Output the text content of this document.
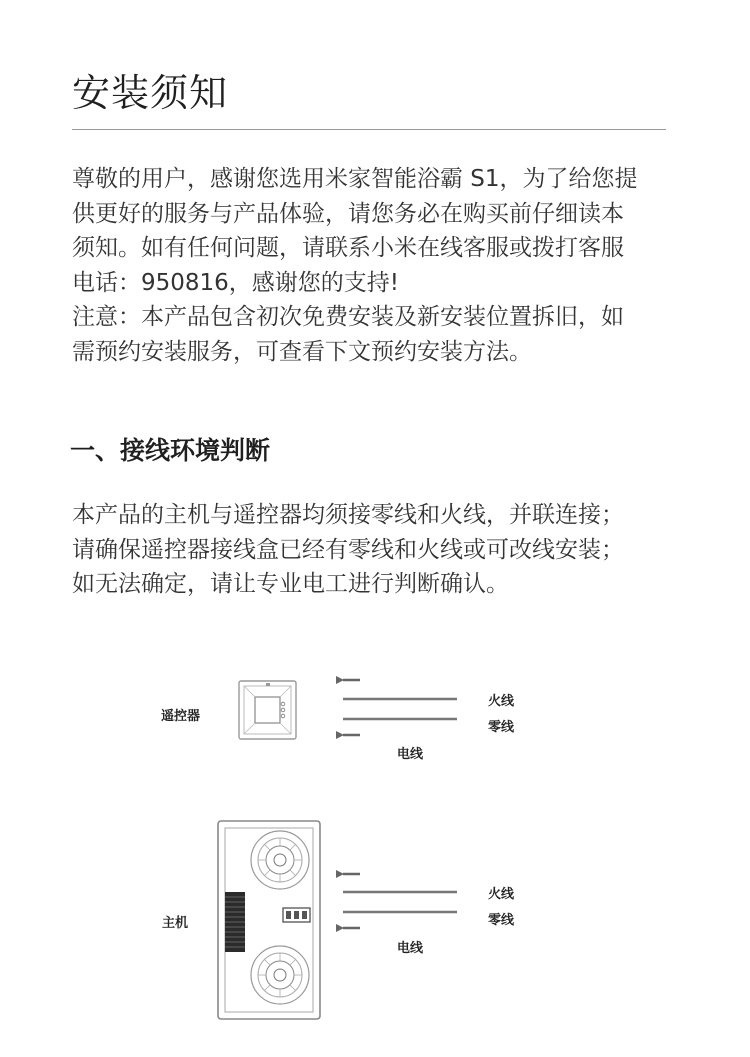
安装须知

尊敬的用户，感谢您选用米家智能浴霸 S1，为了给您提

供更好的服务与产品体验，请您务必在购买前仔细读本

须知。如有任何问题，请联系小米在线客服或拨打客服

电话：950816，感谢您的支持!

注意：本产品包含初次免费安装及新安装位置拆旧，如

需预约安装服务，可查看下文预约安装方法。

一、接线环境判断

本产品的主机与遥控器均须接零线和火线，并联连接；

请确保遥控器接线盒已经有零线和火线或可改线安装；

如无法确定，请让专业电工进行判断确认。

遥控器
火线
零线
电线
主机
火线
零线
电线
